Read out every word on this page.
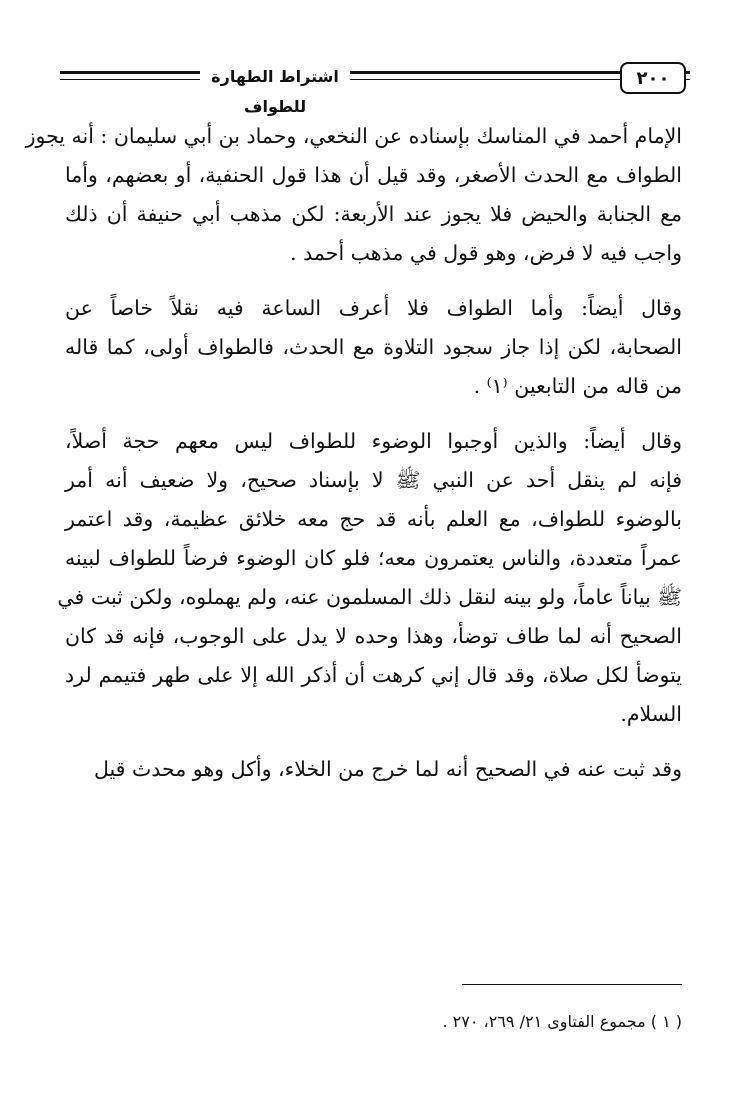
اشتراط الطهارة للطواف
٢٠٠
الإمام أحمد في المناسك بإسناده عن النخعي، وحماد بن أبي سليمان : أنه يجوز
الطواف مع الحدث الأصغر، وقد قيل أن هذا قول الحنفية، أو بعضهم، وأما
مع الجنابة والحيض فلا يجوز عند الأربعة: لكن مذهب أبي حنيفة أن ذلك
واجب فيه لا فرض، وهو قول في مذهب أحمد .
وقال أيضاً: وأما الطواف فلا أعرف الساعة فيه نقلاً خاصاً عن
الصحابة، لكن إذا جاز سجود التلاوة مع الحدث، فالطواف أولى، كما قاله
من قاله من التابعين ⁽١⁾ .
وقال أيضاً: والذين أوجبوا الوضوء للطواف ليس معهم حجة أصلاً،
فإنه لم ينقل أحد عن النبي ﷺ لا بإسناد صحيح، ولا ضعيف أنه أمر
بالوضوء للطواف، مع العلم بأنه قد حج معه خلائق عظيمة، وقد اعتمر
عمراً متعددة، والناس يعتمرون معه؛ فلو كان الوضوء فرضاً للطواف لبينه
ﷺ بياناً عاماً، ولو بينه لنقل ذلك المسلمون عنه، ولم يهملوه، ولكن ثبت في
الصحيح أنه لما طاف توضأ، وهذا وحده لا يدل على الوجوب، فإنه قد كان
يتوضأ لكل صلاة، وقد قال إني كرهت أن أذكر الله إلا على طهر فتيمم لرد
السلام.
وقد ثبت عنه في الصحيح أنه لما خرج من الخلاء، وأكل وهو محدث قيل
( ١ ) مجموع الفتاوى ٢١/ ٢٦٩، ٢٧٠ .
